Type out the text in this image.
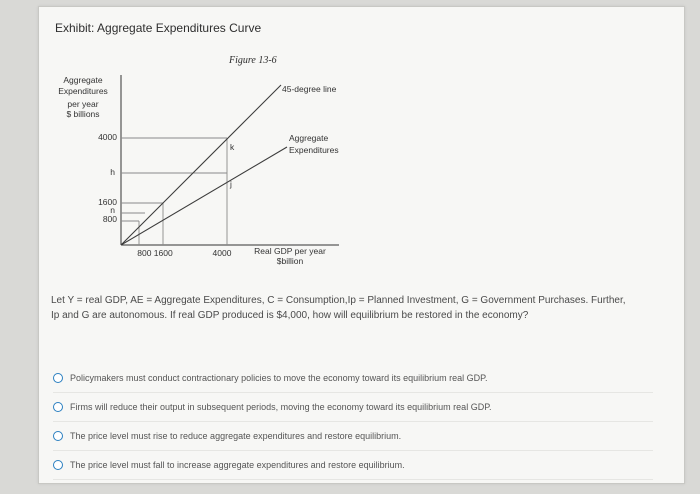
Exhibit: Aggregate Expenditures Curve
Figure 13-6
Aggregate
Expenditures
per year
$ billions
4000
h
1600
n
800
800 1600	4000	Real GDP per year
$billion
45-degree line
Aggregate
Expenditures
k
j
Let Y = real GDP, AE = Aggregate Expenditures, C = Consumption,Ip = Planned Investment, G = Government Purchases. Further, Ip and G are autonomous. If real GDP produced is $4,000, how will equilibrium be restored in the economy?
Policymakers must conduct contractionary policies to move the economy toward its equilibrium real GDP.
Firms will reduce their output in subsequent periods, moving the economy toward its equilibrium real GDP.
The price level must rise to reduce aggregate expenditures and restore equilibrium.
The price level must fall to increase aggregate expenditures and restore equilibrium.
